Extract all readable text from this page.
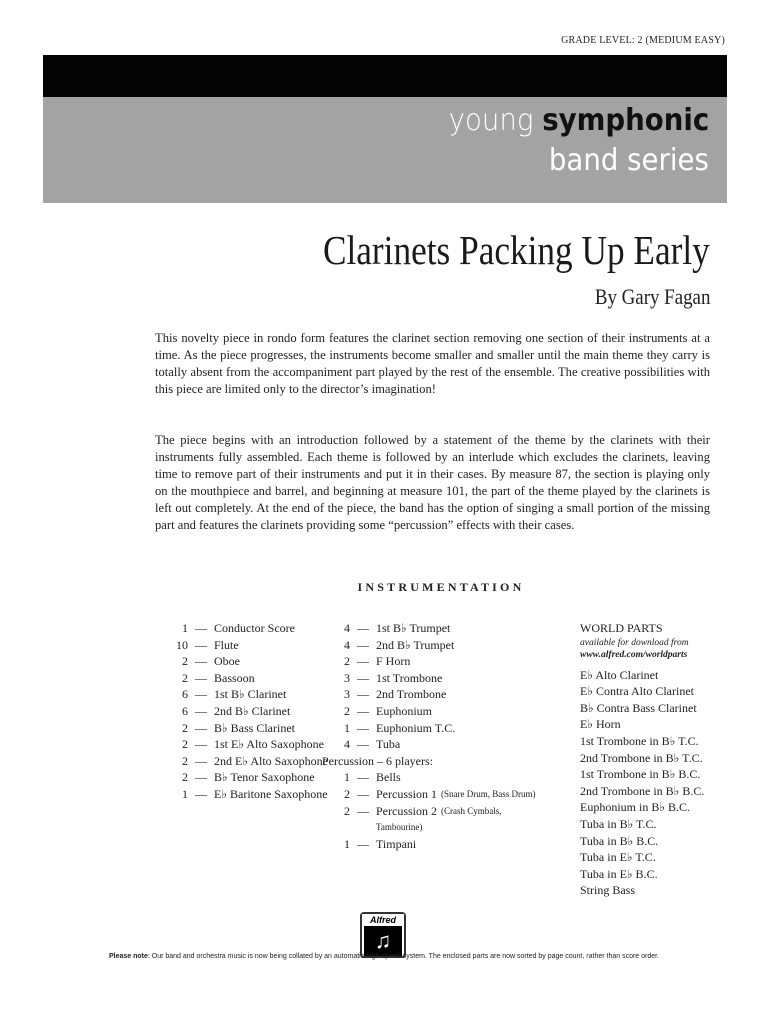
GRADE LEVEL: 2 (MEDIUM EASY)
young symphonic
band series
Clarinets Packing Up Early
By Gary Fagan
This novelty piece in rondo form features the clarinet section removing one section of their instruments at a time. As the piece progresses, the instruments become smaller and smaller until the main theme they carry is totally absent from the accompaniment part played by the rest of the ensemble. The creative possibilities with this piece are limited only to the director’s imagination!
The piece begins with an introduction followed by a statement of the theme by the clarinets with their instruments fully assembled. Each theme is followed by an interlude which excludes the clarinets, leaving time to remove part of their instruments and put it in their cases. By measure 87, the section is playing only on the mouthpiece and barrel, and beginning at measure 101, the part of the theme played by the clarinets is left out completely. At the end of the piece, the band has the option of singing a small portion of the missing part and features the clarinets providing some “percussion” effects with their cases.
INSTRUMENTATION
1 — Conductor Score
10 — Flute
2 — Oboe
2 — Bassoon
6 — 1st B♭ Clarinet
6 — 2nd B♭ Clarinet
2 — B♭ Bass Clarinet
2 — 1st E♭ Alto Saxophone
2 — 2nd E♭ Alto Saxophone
2 — B♭ Tenor Saxophone
1 — E♭ Baritone Saxophone
4 — 1st B♭ Trumpet
4 — 2nd B♭ Trumpet
2 — F Horn
3 — 1st Trombone
3 — 2nd Trombone
2 — Euphonium
1 — Euphonium T.C.
4 — Tuba
Percussion – 6 players:
1 — Bells
2 — Percussion 1 (Snare Drum, Bass Drum)
2 — Percussion 2 (Crash Cymbals,
Tambourine)
1 — Timpani
WORLD PARTS
available for download from
www.alfred.com/worldparts
E♭ Alto Clarinet
E♭ Contra Alto Clarinet
B♭ Contra Bass Clarinet
E♭ Horn
1st Trombone in B♭ T.C.
2nd Trombone in B♭ T.C.
1st Trombone in B♭ B.C.
2nd Trombone in B♭ B.C.
Euphonium in B♭ B.C.
Tuba in B♭ T.C.
Tuba in B♭ B.C.
Tuba in E♭ T.C.
Tuba in E♭ B.C.
String Bass
Alfred
♫
Please note: Our band and orchestra music is now being collated by an automatic high-speed system. The enclosed parts are now sorted by page count, rather than score order.
